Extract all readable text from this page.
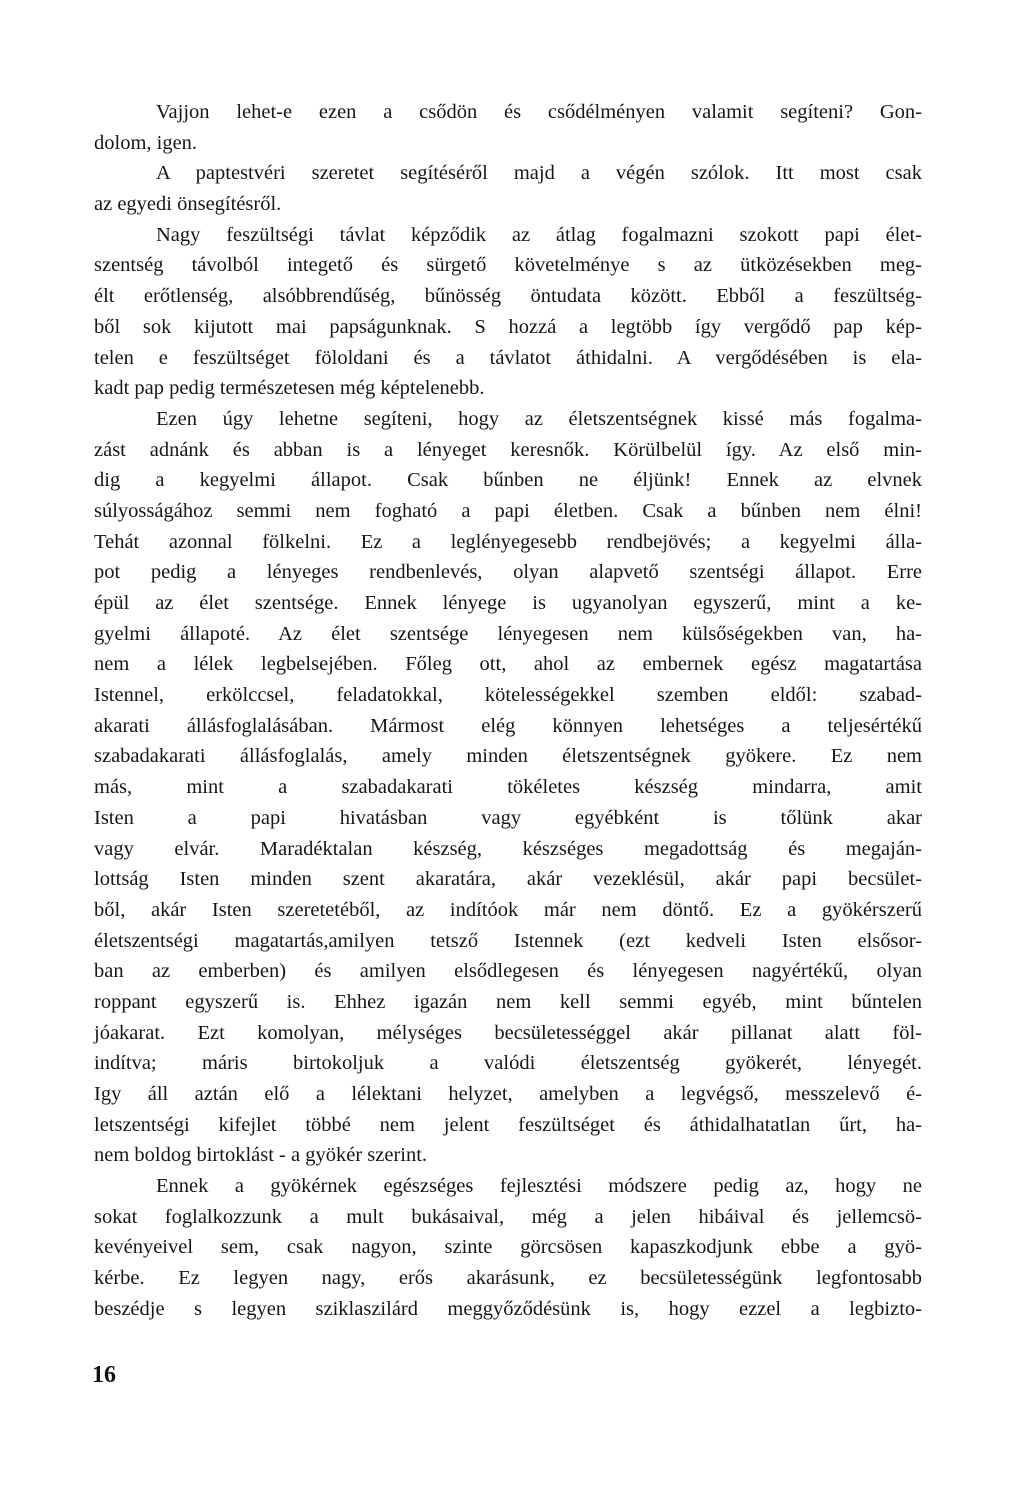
Vajjon lehet-e ezen a csődön és csődélményen valamit segíteni? Gon-
dolom, igen.
A paptestvéri szeretet segítéséről majd a végén szólok. Itt most csak
az egyedi önsegítésről.
Nagy feszültségi távlat képződik az átlag fogalmazni szokott papi élet-
szentség távolból integető és sürgető követelménye s az ütközésekben meg-
élt erőtlenség, alsóbbrendűség, bűnösség öntudata között. Ebből a feszültség-
ből sok kijutott mai papságunknak. S hozzá a legtöbb így vergődő pap kép-
telen e feszültséget föloldani és a távlatot áthidalni. A vergődésében is ela-
kadt pap pedig természetesen még képtelenebb.
Ezen úgy lehetne segíteni, hogy az életszentségnek kissé más fogalma-
zást adnánk és abban is a lényeget keresnők. Körülbelül így. Az első min-
dig a kegyelmi állapot. Csak bűnben ne éljünk! Ennek az elvnek
súlyosságához semmi nem fogható a papi életben. Csak a bűnben nem élni!
Tehát azonnal fölkelni. Ez a leglényegesebb rendbejövés; a kegyelmi álla-
pot pedig a lényeges rendbenlevés, olyan alapvető szentségi állapot. Erre
épül az élet szentsége. Ennek lényege is ugyanolyan egyszerű, mint a ke-
gyelmi állapoté. Az élet szentsége lényegesen nem külsőségekben van, ha-
nem a lélek legbelsejében. Főleg ott, ahol az embernek egész magatartása
Istennel, erkölccsel, feladatokkal, kötelességekkel szemben eldől: szabad-
akarati állásfoglalásában. Mármost elég könnyen lehetséges a teljesértékű
szabadakarati állásfoglalás, amely minden életszentségnek gyökere. Ez nem
más, mint a szabadakarati tökéletes készség mindarra, amit
Isten a papi hivatásban vagy egyébként is tőlünk akar
vagy elvár. Maradéktalan készség, készséges megadottság és megaján-
lottság Isten minden szent akaratára, akár vezeklésül, akár papi becsület-
ből, akár Isten szeretetéből, az indítóok már nem döntő. Ez a gyökérszerű
életszentségi magatartás,amilyen tetsző Istennek (ezt kedveli Isten elsősor-
ban az emberben) és amilyen elsődlegesen és lényegesen nagyértékű, olyan
roppant egyszerű is. Ehhez igazán nem kell semmi egyéb, mint bűntelen
jóakarat. Ezt komolyan, mélységes becsületességgel akár pillanat alatt föl-
indítva; máris birtokoljuk a valódi életszentség gyökerét, lényegét.
Igy áll aztán elő a lélektani helyzet, amelyben a legvégső, messzelevő é-
letszentségi kifejlet többé nem jelent feszültséget és áthidalhatatlan űrt, ha-
nem boldog birtoklást - a gyökér szerint.
Ennek a gyökérnek egészséges fejlesztési módszere pedig az, hogy ne
sokat foglalkozzunk a mult bukásaival, még a jelen hibáival és jellemcsö-
kevényeivel sem, csak nagyon, szinte görcsösen kapaszkodjunk ebbe a gyö-
kérbe. Ez legyen nagy, erős akarásunk, ez becsületességünk legfontosabb
beszédje s legyen sziklaszilárd meggyőződésünk is, hogy ezzel a legbizto-
16
